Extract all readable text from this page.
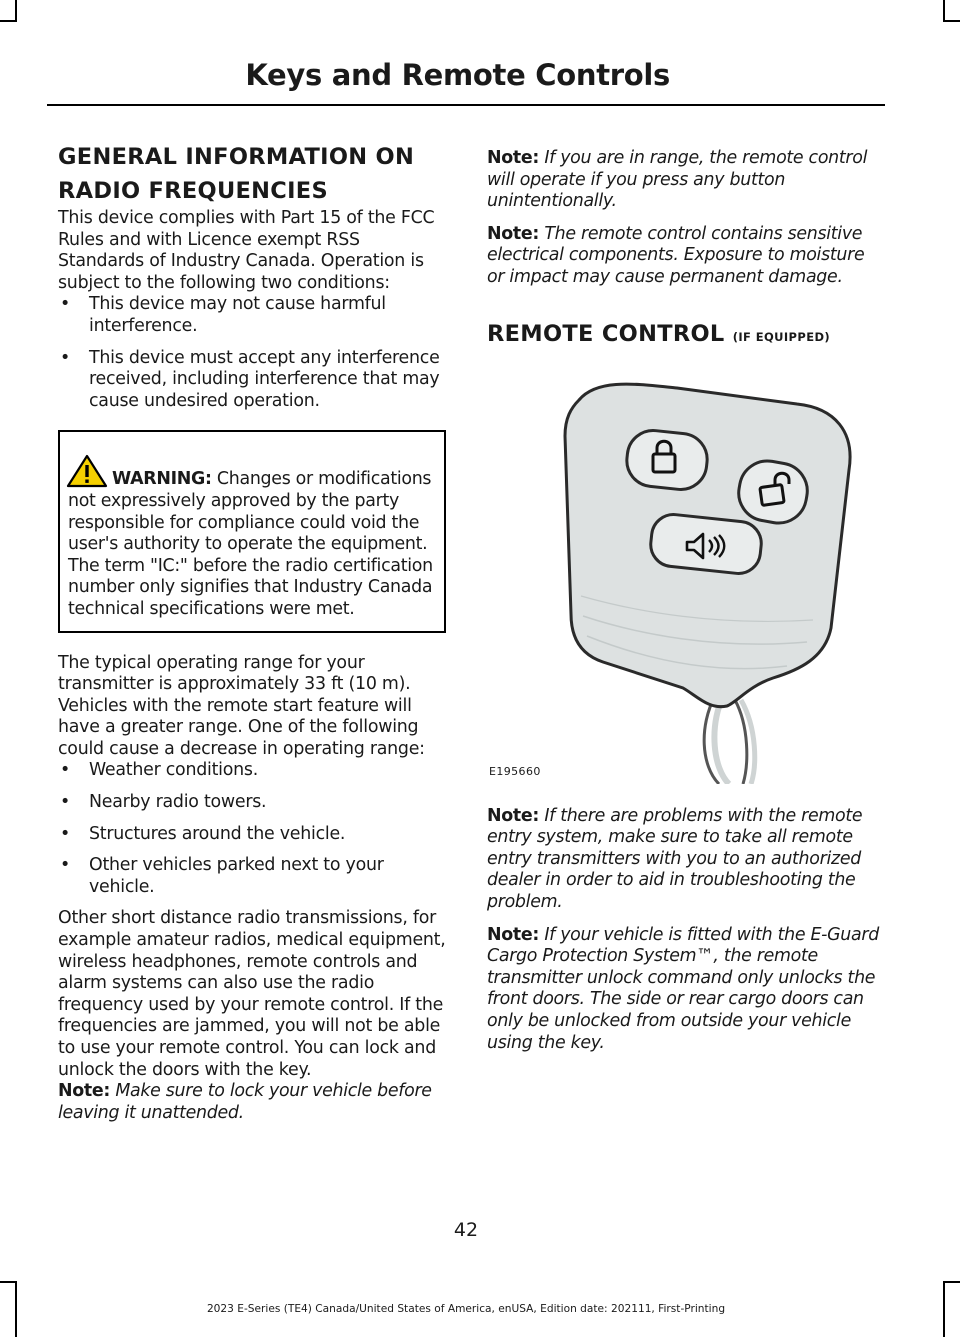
Keys and Remote Controls
GENERAL INFORMATION ON RADIO FREQUENCIES

This device complies with Part 15 of the FCC Rules and with Licence exempt RSS Standards of Industry Canada. Operation is subject to the following two conditions:

• This device may not cause harmful interference.
• This device must accept any interference received, including interference that may cause undesired operation.
WARNING: Changes or modifications not expressively approved by the party responsible for compliance could void the user's authority to operate the equipment. The term "IC:" before the radio certification number only signifies that Industry Canada technical specifications were met.

The typical operating range for your transmitter is approximately 33 ft (10 m). Vehicles with the remote start feature will have a greater range. One of the following could cause a decrease in operating range:

• Weather conditions.
• Nearby radio towers.
• Structures around the vehicle.
• Other vehicles parked next to your vehicle.

Other short distance radio transmissions, for example amateur radios, medical equipment, wireless headphones, remote controls and alarm systems can also use the radio frequency used by your remote control. If the frequencies are jammed, you will not be able to use your remote control. You can lock and unlock the doors with the key.

Note: Make sure to lock your vehicle before leaving it unattended.

Note: If you are in range, the remote control will operate if you press any button unintentionally.

Note: The remote control contains sensitive electrical components. Exposure to moisture or impact may cause permanent damage.

REMOTE CONTROL (IF EQUIPPED)
E195660

Note: If there are problems with the remote entry system, make sure to take all remote entry transmitters with you to an authorized dealer in order to aid in troubleshooting the problem.

Note: If your vehicle is fitted with the E-Guard Cargo Protection System™, the remote transmitter unlock command only unlocks the front doors. The side or rear cargo doors can only be unlocked from outside your vehicle using the key.

42
2023 E-Series (TE4) Canada/United States of America, enUSA, Edition date: 202111, First-Printing
